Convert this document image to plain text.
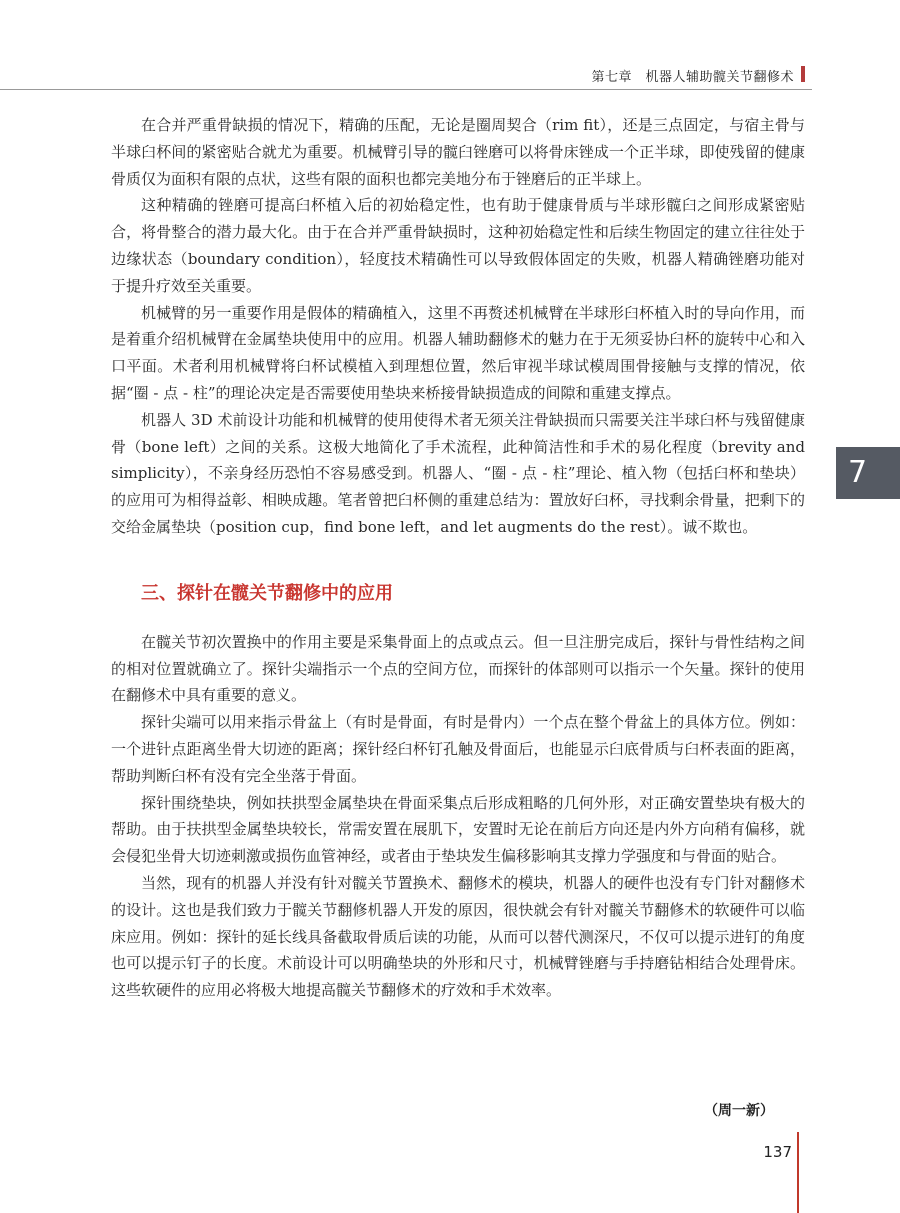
第七章　机器人辅助髋关节翻修术
7

在合并严重骨缺损的情况下，精确的压配，无论是圈周契合（rim fit），还是三点固定，与宿主骨与半球臼杯间的紧密贴合就尤为重要。机械臂引导的髋臼锉磨可以将骨床锉成一个正半球，即使残留的健康骨质仅为面积有限的点状，这些有限的面积也都完美地分布于锉磨后的正半球上。

这种精确的锉磨可提高臼杯植入后的初始稳定性，也有助于健康骨质与半球形髋臼之间形成紧密贴合，将骨整合的潜力最大化。由于在合并严重骨缺损时，这种初始稳定性和后续生物固定的建立往往处于边缘状态（boundary condition），轻度技术精确性可以导致假体固定的失败，机器人精确锉磨功能对于提升疗效至关重要。

机械臂的另一重要作用是假体的精确植入，这里不再赘述机械臂在半球形臼杯植入时的导向作用，而是着重介绍机械臂在金属垫块使用中的应用。机器人辅助翻修术的魅力在于无须妥协臼杯的旋转中心和入口平面。术者利用机械臂将臼杯试模植入到理想位置，然后审视半球试模周围骨接触与支撑的情况，依据“圈 - 点 - 柱”的理论决定是否需要使用垫块来桥接骨缺损造成的间隙和重建支撑点。

机器人 3D 术前设计功能和机械臂的使用使得术者无须关注骨缺损而只需要关注半球臼杯与残留健康骨（bone left）之间的关系。这极大地简化了手术流程，此种简洁性和手术的易化程度（brevity and simplicity），不亲身经历恐怕不容易感受到。机器人、“圈 - 点 - 柱”理论、植入物（包括臼杯和垫块）的应用可为相得益彰、相映成趣。笔者曾把臼杯侧的重建总结为：置放好臼杯，寻找剩余骨量，把剩下的交给金属垫块（position cup，find bone left，and let augments do the rest）。诚不欺也。

三、探针在髋关节翻修中的应用

在髋关节初次置换中的作用主要是采集骨面上的点或点云。但一旦注册完成后，探针与骨性结构之间的相对位置就确立了。探针尖端指示一个点的空间方位，而探针的体部则可以指示一个矢量。探针的使用在翻修术中具有重要的意义。

探针尖端可以用来指示骨盆上（有时是骨面，有时是骨内）一个点在整个骨盆上的具体方位。例如：一个进针点距离坐骨大切迹的距离；探针经臼杯钉孔触及骨面后，也能显示臼底骨质与臼杯表面的距离，帮助判断臼杯有没有完全坐落于骨面。

探针围绕垫块，例如扶拱型金属垫块在骨面采集点后形成粗略的几何外形，对正确安置垫块有极大的帮助。由于扶拱型金属垫块较长，常需安置在展肌下，安置时无论在前后方向还是内外方向稍有偏移，就会侵犯坐骨大切迹刺激或损伤血管神经，或者由于垫块发生偏移影响其支撑力学强度和与骨面的贴合。

当然，现有的机器人并没有针对髋关节置换术、翻修术的模块，机器人的硬件也没有专门针对翻修术的设计。这也是我们致力于髋关节翻修机器人开发的原因，很快就会有针对髋关节翻修术的软硬件可以临床应用。例如：探针的延长线具备截取骨质后读的功能，从而可以替代测深尺，不仅可以提示进钉的角度也可以提示钉子的长度。术前设计可以明确垫块的外形和尺寸，机械臂锉磨与手持磨钻相结合处理骨床。这些软硬件的应用必将极大地提高髋关节翻修术的疗效和手术效率。

（周一新）
137
